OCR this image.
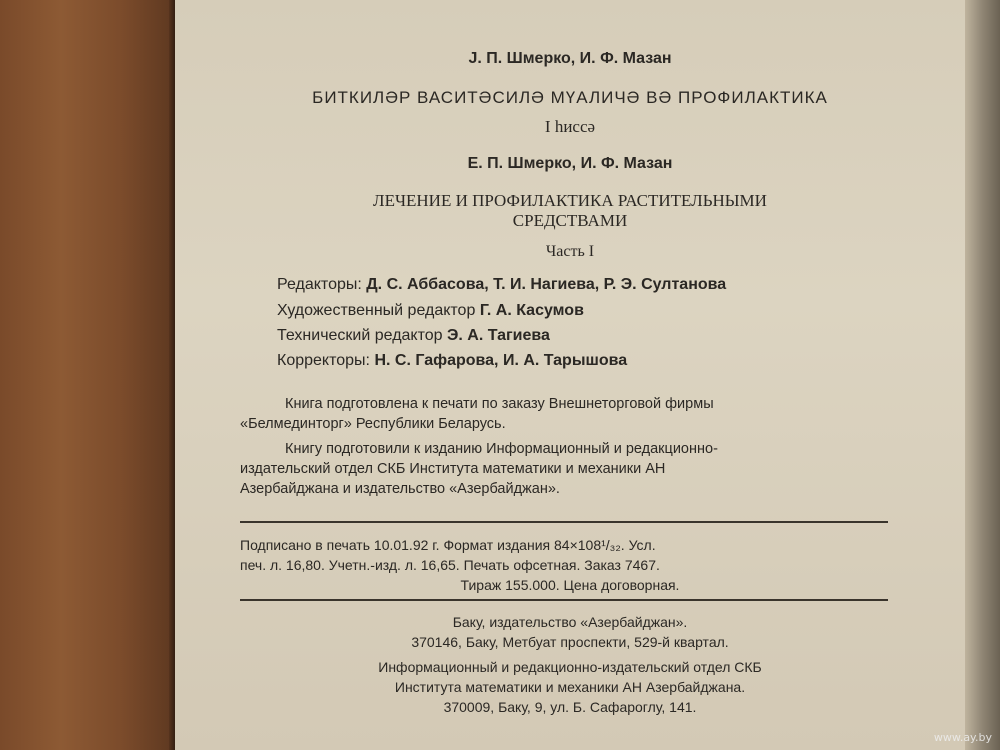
Ј. П. Шмерко, И. Ф. Мазан
БИТКИЛӘР ВАСИТӘСИЛӘ МҮАЛИЧӘ ВӘ ПРОФИЛАКТИКА
I һиссә
Е. П. Шмерко, И. Ф. Мазан
ЛЕЧЕНИЕ И ПРОФИЛАКТИКА РАСТИТЕЛЬНЫМИ
СРЕДСТВАМИ
Часть I
Редакторы: Д. С. Аббасова, Т. И. Нагиева, Р. Э. Султанова
Художественный редактор Г. А. Касумов
Технический редактор Э. А. Тагиева
Корректоры: Н. С. Гафарова, И. А. Тарышова
Книга подготовлена к печати по заказу Внешнеторговой фирмы
«Белмединторг» Республики Беларусь.
Книгу подготовили к изданию Информационный и редакционно-
издательский отдел СКБ Института математики и механики АН
Азербайджана и издательство «Азербайджан».
Подписано в печать 10.01.92 г. Формат издания 84×108¹/₃₂. Усл.
печ. л. 16,80. Учетн.-изд. л. 16,65. Печать офсетная. Заказ 7467.
Тираж 155.000. Цена договорная.
Баку, издательство «Азербайджан».
370146, Баку, Метбуат проспекти, 529-й квартал.
Информационный и редакционно-издательский отдел СКБ
Института математики и механики АН Азербайджана.
370009, Баку, 9, ул. Б. Сафароглу, 141.
www.ay.by
